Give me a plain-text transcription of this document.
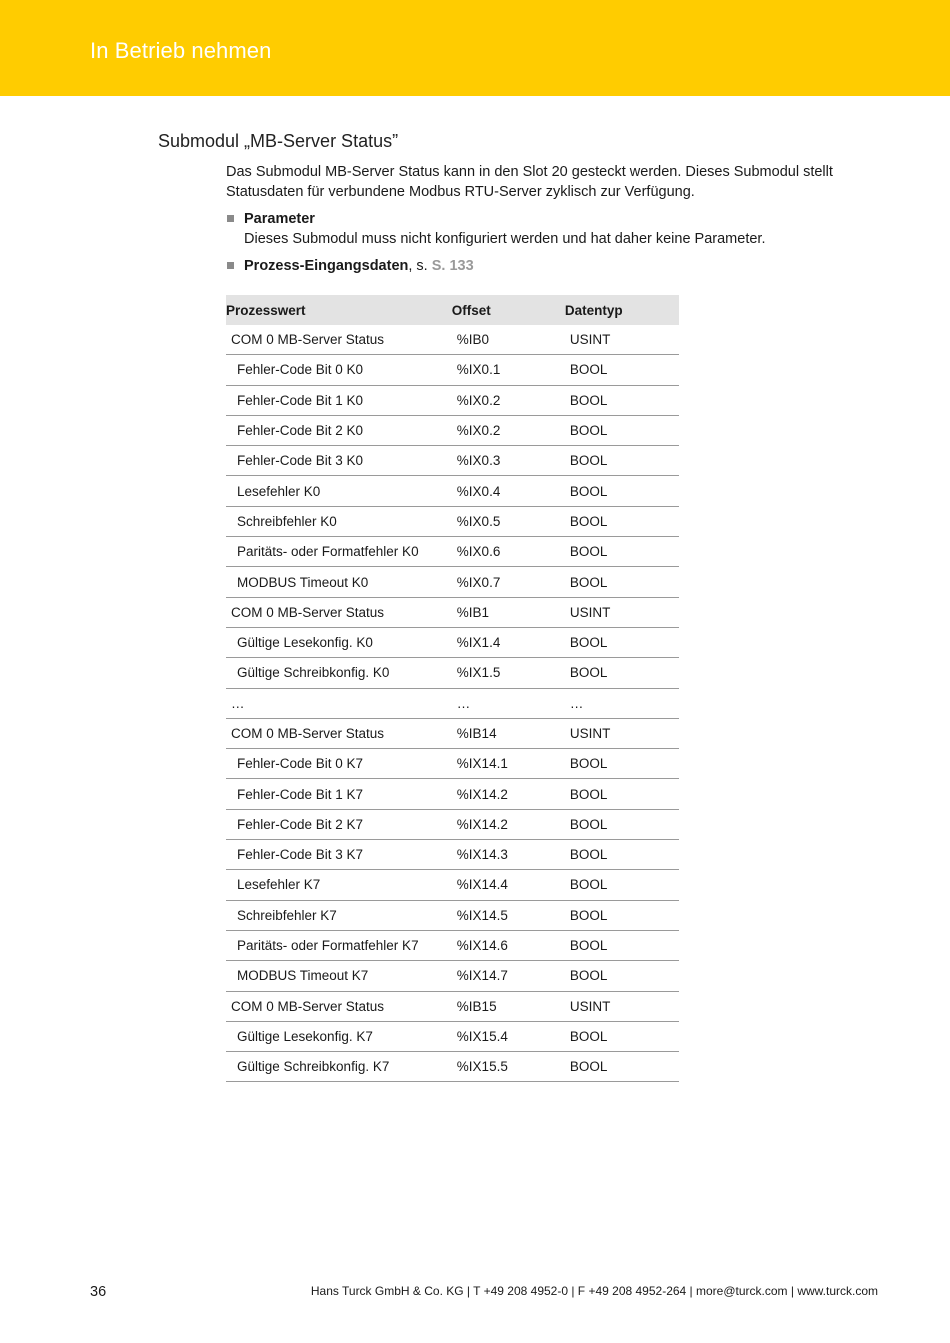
In Betrieb nehmen
Submodul „MB-Server Status”
Das Submodul MB-Server Status kann in den Slot 20 gesteckt werden. Dieses Submodul stellt Statusdaten für verbundene Modbus RTU-Server zyklisch zur Verfügung.
Parameter
Dieses Submodul muss nicht konfiguriert werden und hat daher keine Parameter.
Prozess-Eingangsdaten, s. S. 133
Prozesswert	Offset	Datentyp
COM 0 MB-Server Status	%IB0	USINT
Fehler-Code Bit 0 K0	%IX0.1	BOOL
Fehler-Code Bit 1 K0	%IX0.2	BOOL
Fehler-Code Bit 2 K0	%IX0.2	BOOL
Fehler-Code Bit 3 K0	%IX0.3	BOOL
Lesefehler K0	%IX0.4	BOOL
Schreibfehler K0	%IX0.5	BOOL
Paritäts- oder Formatfehler K0	%IX0.6	BOOL
MODBUS Timeout K0	%IX0.7	BOOL
COM 0 MB-Server Status	%IB1	USINT
Gültige Lesekonfig. K0	%IX1.4	BOOL
Gültige Schreibkonfig. K0	%IX1.5	BOOL
…	…	…
COM 0 MB-Server Status	%IB14	USINT
Fehler-Code Bit 0 K7	%IX14.1	BOOL
Fehler-Code Bit 1 K7	%IX14.2	BOOL
Fehler-Code Bit 2 K7	%IX14.2	BOOL
Fehler-Code Bit 3 K7	%IX14.3	BOOL
Lesefehler K7	%IX14.4	BOOL
Schreibfehler K7	%IX14.5	BOOL
Paritäts- oder Formatfehler K7	%IX14.6	BOOL
MODBUS Timeout K7	%IX14.7	BOOL
COM 0 MB-Server Status	%IB15	USINT
Gültige Lesekonfig. K7	%IX15.4	BOOL
Gültige Schreibkonfig. K7	%IX15.5	BOOL
36	Hans Turck GmbH & Co. KG | T +49 208 4952-0 | F +49 208 4952-264 | more@turck.com | www.turck.com
